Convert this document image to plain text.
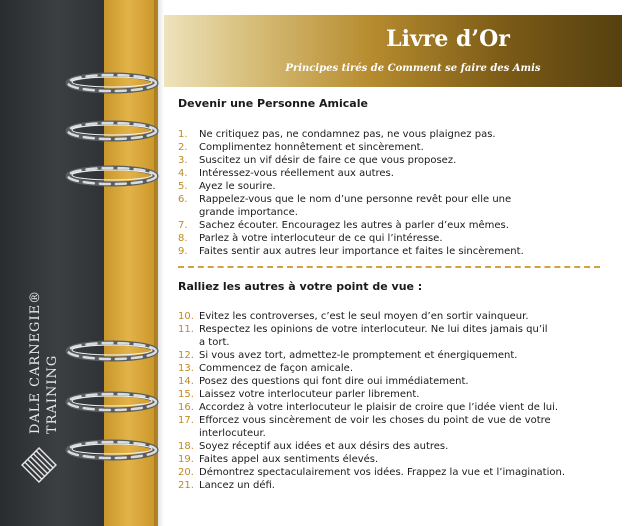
DALE CARNEGIE® TRAINING
Livre d’Or
Principes tirés de Comment se faire des Amis
Devenir une Personne Amicale
1. Ne critiquez pas, ne condamnez pas, ne vous plaignez pas.
2. Complimentez honnêtement et sincèrement.
3. Suscitez un vif désir de faire ce que vous proposez.
4. Intéressez-vous réellement aux autres.
5. Ayez le sourire.
6. Rappelez-vous que le nom d’une personne revêt pour elle une
grande importance.
7. Sachez écouter. Encouragez les autres à parler d’eux mêmes.
8. Parlez à votre interlocuteur de ce qui l’intéresse.
9. Faites sentir aux autres leur importance et faites le sincèrement.
Ralliez les autres à votre point de vue :
10. Evitez les controverses, c’est le seul moyen d’en sortir vainqueur.
11. Respectez les opinions de votre interlocuteur. Ne lui dites jamais qu’il
a tort.
12. Si vous avez tort, admettez-le promptement et énergiquement.
13. Commencez de façon amicale.
14. Posez des questions qui font dire oui immédiatement.
15. Laissez votre interlocuteur parler librement.
16. Accordez à votre interlocuteur le plaisir de croire que l’idée vient de lui.
17. Efforcez vous sincèrement de voir les choses du point de vue de votre
interlocuteur.
18. Soyez réceptif aux idées et aux désirs des autres.
19. Faites appel aux sentiments élevés.
20. Démontrez spectaculairement vos idées. Frappez la vue et l’imagination.
21. Lancez un défi.
